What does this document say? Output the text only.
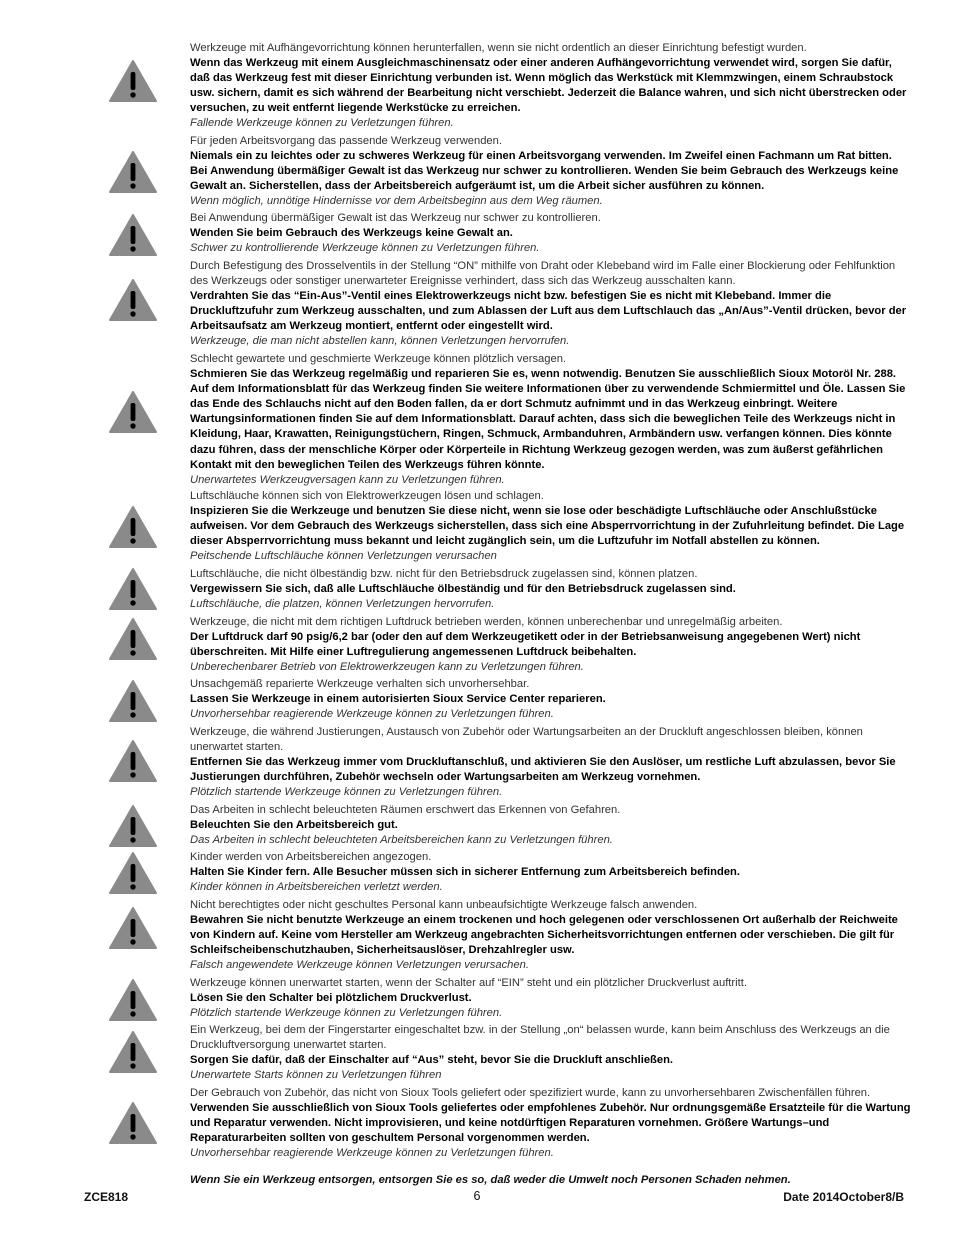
Werkzeuge mit Aufhängevorrichtung können herunterfallen, wenn sie nicht ordentlich an dieser Einrichtung befestigt wurden.

Wenn das Werkzeug mit einem Ausgleichmaschinensatz oder einer anderen Aufhängevorrichtung verwendet wird, sorgen Sie dafür, daß das Werkzeug fest mit dieser Einrichtung verbunden ist. Wenn möglich das Werkstück mit Klemmzwingen, einem Schraubstock usw. sichern, damit es sich während der Bearbeitung nicht verschiebt. Jederzeit die Balance wahren, und sich nicht überstrecken oder versuchen, zu weit entfernt liegende Werkstücke zu erreichen.

Fallende Werkzeuge können zu Verletzungen führen.

Für jeden Arbeitsvorgang das passende Werkzeug verwenden.

Niemals ein zu leichtes oder zu schweres Werkzeug für einen Arbeitsvorgang verwenden. Im Zweifel einen Fachmann um Rat bitten. Bei Anwendung übermäßiger Gewalt ist das Werkzeug nur schwer zu kontrollieren. Wenden Sie beim Gebrauch des Werkzeugs keine Gewalt an. Sicherstellen, dass der Arbeitsbereich aufgeräumt ist, um die Arbeit sicher ausführen zu können.

Wenn möglich, unnötige Hindernisse vor dem Arbeitsbeginn aus dem Weg räumen.

Bei Anwendung übermäßiger Gewalt ist das Werkzeug nur schwer zu kontrollieren.

Wenden Sie beim Gebrauch des Werkzeugs keine Gewalt an.

Schwer zu kontrollierende Werkzeuge können zu Verletzungen führen.

Durch Befestigung des Drosselventils in der Stellung “ON” mithilfe von Draht oder Klebeband wird im Falle einer Blockierung oder Fehlfunktion des Werkzeugs oder sonstiger unerwarteter Ereignisse verhindert, dass sich das Werkzeug ausschalten kann.

Verdrahten Sie das “Ein-Aus”-Ventil eines Elektrowerkzeugs nicht bzw. befestigen Sie es nicht mit Klebeband. Immer die Druckluftzufuhr zum Werkzeug ausschalten, und zum Ablassen der Luft aus dem Luftschlauch das „An/Aus”-Ventil drücken, bevor der Arbeitsaufsatz am Werkzeug montiert, entfernt oder eingestellt wird.

Werkzeuge, die man nicht abstellen kann, können Verletzungen hervorrufen.

Schlecht gewartete und geschmierte Werkzeuge können plötzlich versagen.

Schmieren Sie das Werkzeug regelmäßig und reparieren Sie es, wenn notwendig. Benutzen Sie ausschließlich Sioux Motoröl Nr. 288. Auf dem Informationsblatt für das Werkzeug finden Sie weitere Informationen über zu verwendende Schmiermittel und Öle. Lassen Sie das Ende des Schlauchs nicht auf den Boden fallen, da er dort Schmutz aufnimmt und in das Werkzeug einbringt. Weitere Wartungsinformationen finden Sie auf dem Informationsblatt. Darauf achten, dass sich die beweglichen Teile des Werkzeugs nicht in Kleidung, Haar, Krawatten, Reinigungstüchern, Ringen, Schmuck, Armbanduhren, Armbändern usw. verfangen können. Dies könnte dazu führen, dass der menschliche Körper oder Körperteile in Richtung Werkzeug gezogen werden, was zum äußerst gefährlichen Kontakt mit den beweglichen Teilen des Werkzeugs führen könnte.

Unerwartetes Werkzeugversagen kann zu Verletzungen führen.

Luftschläuche können sich von Elektrowerkzeugen lösen und schlagen.

Inspizieren Sie die Werkzeuge und benutzen Sie diese nicht, wenn sie lose oder beschädigte Luftschläuche oder Anschlußstücke aufweisen. Vor dem Gebrauch des Werkzeugs sicherstellen, dass sich eine Absperrvorrichtung in der Zufuhrleitung befindet. Die Lage dieser Absperrvorrichtung muss bekannt und leicht zugänglich sein, um die Luftzufuhr im Notfall abstellen zu können.

Peitschende Luftschläuche können Verletzungen verursachen

Luftschläuche, die nicht ölbeständig bzw. nicht für den Betriebsdruck zugelassen sind, können platzen.

Vergewissern Sie sich, daß alle Luftschläuche ölbeständig und für den Betriebsdruck zugelassen sind.

Luftschläuche, die platzen, können Verletzungen hervorrufen.

Werkzeuge, die nicht mit dem richtigen Luftdruck betrieben werden, können unberechenbar und unregelmäßig arbeiten.

Der Luftdruck darf 90 psig/6,2 bar (oder den auf dem Werkzeugetikett oder in der Betriebsanweisung angegebenen Wert) nicht überschreiten. Mit Hilfe einer Luftregulierung angemessenen Luftdruck beibehalten.

Unberechenbarer Betrieb von Elektrowerkzeugen kann zu Verletzungen führen.

Unsachgemäß reparierte Werkzeuge verhalten sich unvorhersehbar.

Lassen Sie Werkzeuge in einem autorisierten Sioux Service Center reparieren.

Unvorhersehbar reagierende Werkzeuge können zu Verletzungen führen.

Werkzeuge, die während Justierungen, Austausch von Zubehör oder Wartungsarbeiten an der Druckluft angeschlossen bleiben, können unerwartet starten.

Entfernen Sie das Werkzeug immer vom Druckluftanschluß, und aktivieren Sie den Auslöser, um restliche Luft abzulassen, bevor Sie Justierungen durchführen, Zubehör wechseln oder Wartungsarbeiten am Werkzeug vornehmen.

Plötzlich startende Werkzeuge können zu Verletzungen führen.

Das Arbeiten in schlecht beleuchteten Räumen erschwert das Erkennen von Gefahren.

Beleuchten Sie den Arbeitsbereich gut.

Das Arbeiten in schlecht beleuchteten Arbeitsbereichen kann zu Verletzungen führen.

Kinder werden von Arbeitsbereichen angezogen.

Halten Sie Kinder fern. Alle Besucher müssen sich in sicherer Entfernung zum Arbeitsbereich befinden.

Kinder können in Arbeitsbereichen verletzt werden.

Nicht berechtigtes oder nicht geschultes Personal kann unbeaufsichtigte Werkzeuge falsch anwenden.

Bewahren Sie nicht benutzte Werkzeuge an einem trockenen und hoch gelegenen oder verschlossenen Ort außerhalb der Reichweite von Kindern auf. Keine vom Hersteller am Werkzeug angebrachten Sicherheitsvorrichtungen entfernen oder verschieben. Die gilt für Schleifscheibenschutzhauben, Sicherheitsauslöser, Drehzahlregler usw.

Falsch angewendete Werkzeuge können Verletzungen verursachen.

Werkzeuge können unerwartet starten, wenn der Schalter auf “EIN” steht und ein plötzlicher Druckverlust auftritt.

Lösen Sie den Schalter bei plötzlichem Druckverlust.

Plötzlich startende Werkzeuge können zu Verletzungen führen.

Ein Werkzeug, bei dem der Fingerstarter eingeschaltet bzw. in der Stellung „on“ belassen wurde, kann beim Anschluss des Werkzeugs an die Druckluftversorgung unerwartet starten.

Sorgen Sie dafür, daß der Einschalter auf “Aus” steht, bevor Sie die Druckluft anschließen.

Unerwartete Starts können zu Verletzungen führen

Der Gebrauch von Zubehör, das nicht von Sioux Tools geliefert oder spezifiziert wurde, kann zu unvorhersehbaren Zwischenfällen führen.

Verwenden Sie ausschließlich von Sioux Tools geliefertes oder empfohlenes Zubehör. Nur ordnungsgemäße Ersatzteile für die Wartung und Reparatur verwenden. Nicht improvisieren, und keine notdürftigen Reparaturen vornehmen. Größere Wartungs–und Reparaturarbeiten sollten von geschultem Personal vorgenommen werden.

Unvorhersehbar reagierende Werkzeuge können zu Verletzungen führen.

Wenn Sie ein Werkzeug entsorgen, entsorgen Sie es so, daß weder die Umwelt noch Personen Schaden nehmen.

ZCE818	6	Date 2014October8/B
